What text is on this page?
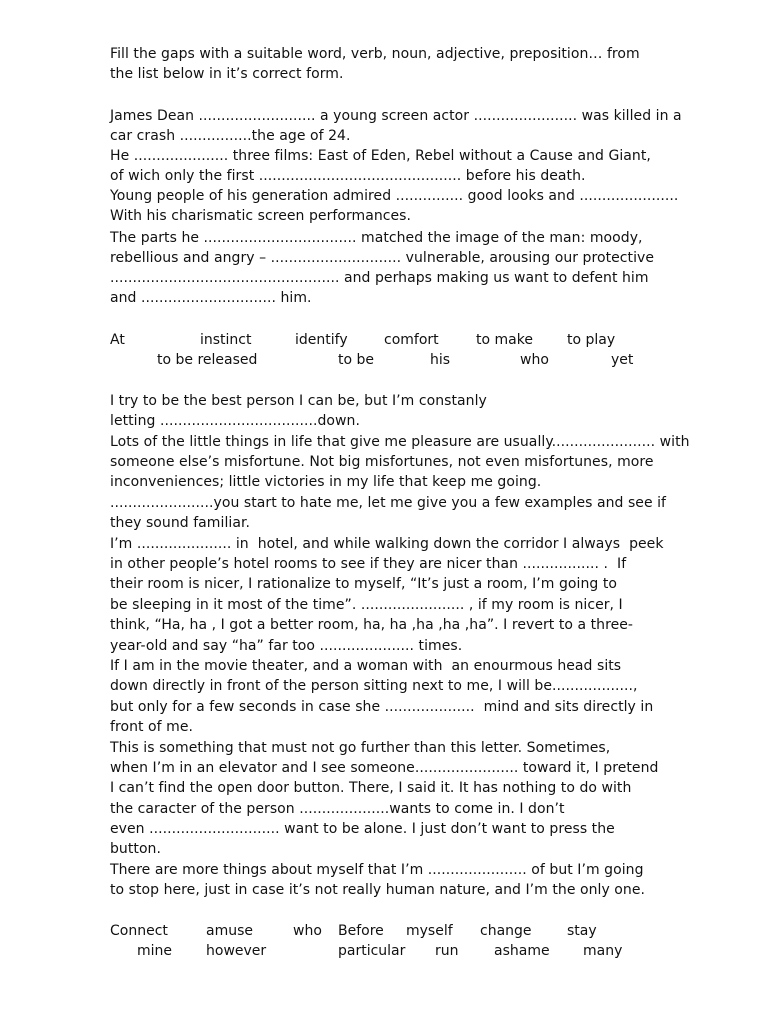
Fill the gaps with a suitable word, verb, noun, adjective, preposition… from
the list below in it’s correct form.
James Dean .......................... a young screen actor ....................... was killed in a
car crash ................the age of 24.
He ..................... three films: East of Eden, Rebel without a Cause and Giant,
of wich only the first ............................................. before his death.
Young people of his generation admired ............... good looks and ......................
With his charismatic screen performances.
The parts he .................................. matched the image of the man: moody,
rebellious and angry – ............................. vulnerable, arousing our protective
................................................... and perhaps making us want to defent him
and .............................. him.
At	instinct	identify	comfort	to make to play
to be released	to be	his	who	yet
I try to be the best person I can be, but I’m constanly
letting ...................................down.
Lots of the little things in life that give me pleasure are usually....................... with
someone else’s misfortune. Not big misfortunes, not even misfortunes, more
inconveniences; little victories in my life that keep me going.
.......................you start to hate me, let me give you a few examples and see if
they sound familiar.
I’m ..................... in  hotel, and while walking down the corridor I always  peek
in other people’s hotel rooms to see if they are nicer than ................. .  If
their room is nicer, I rationalize to myself, “It’s just a room, I’m going to
be sleeping in it most of the time”. ....................... , if my room is nicer, I
think, “Ha, ha , I got a better room, ha, ha ,ha ,ha ,ha”. I revert to a three-
year-old and say “ha” far too ..................... times.
If I am in the movie theater, and a woman with  an enourmous head sits
down directly in front of the person sitting next to me, I will be..................,
but only for a few seconds in case she ....................  mind and sits directly in
front of me.
This is something that must not go further than this letter. Sometimes,
when I’m in an elevator and I see someone....................... toward it, I pretend
I can’t find the open door button. There, I said it. It has nothing to do with
the caracter of the person ....................wants to come in. I don’t
even ............................. want to be alone. I just don’t want to press the
button.
There are more things about myself that I’m ...................... of but I’m going
to stop here, just in case it’s not really human nature, and I’m the only one.
Connect	amuse	who Before myself change	stay
mine however	particular run	ashame many
